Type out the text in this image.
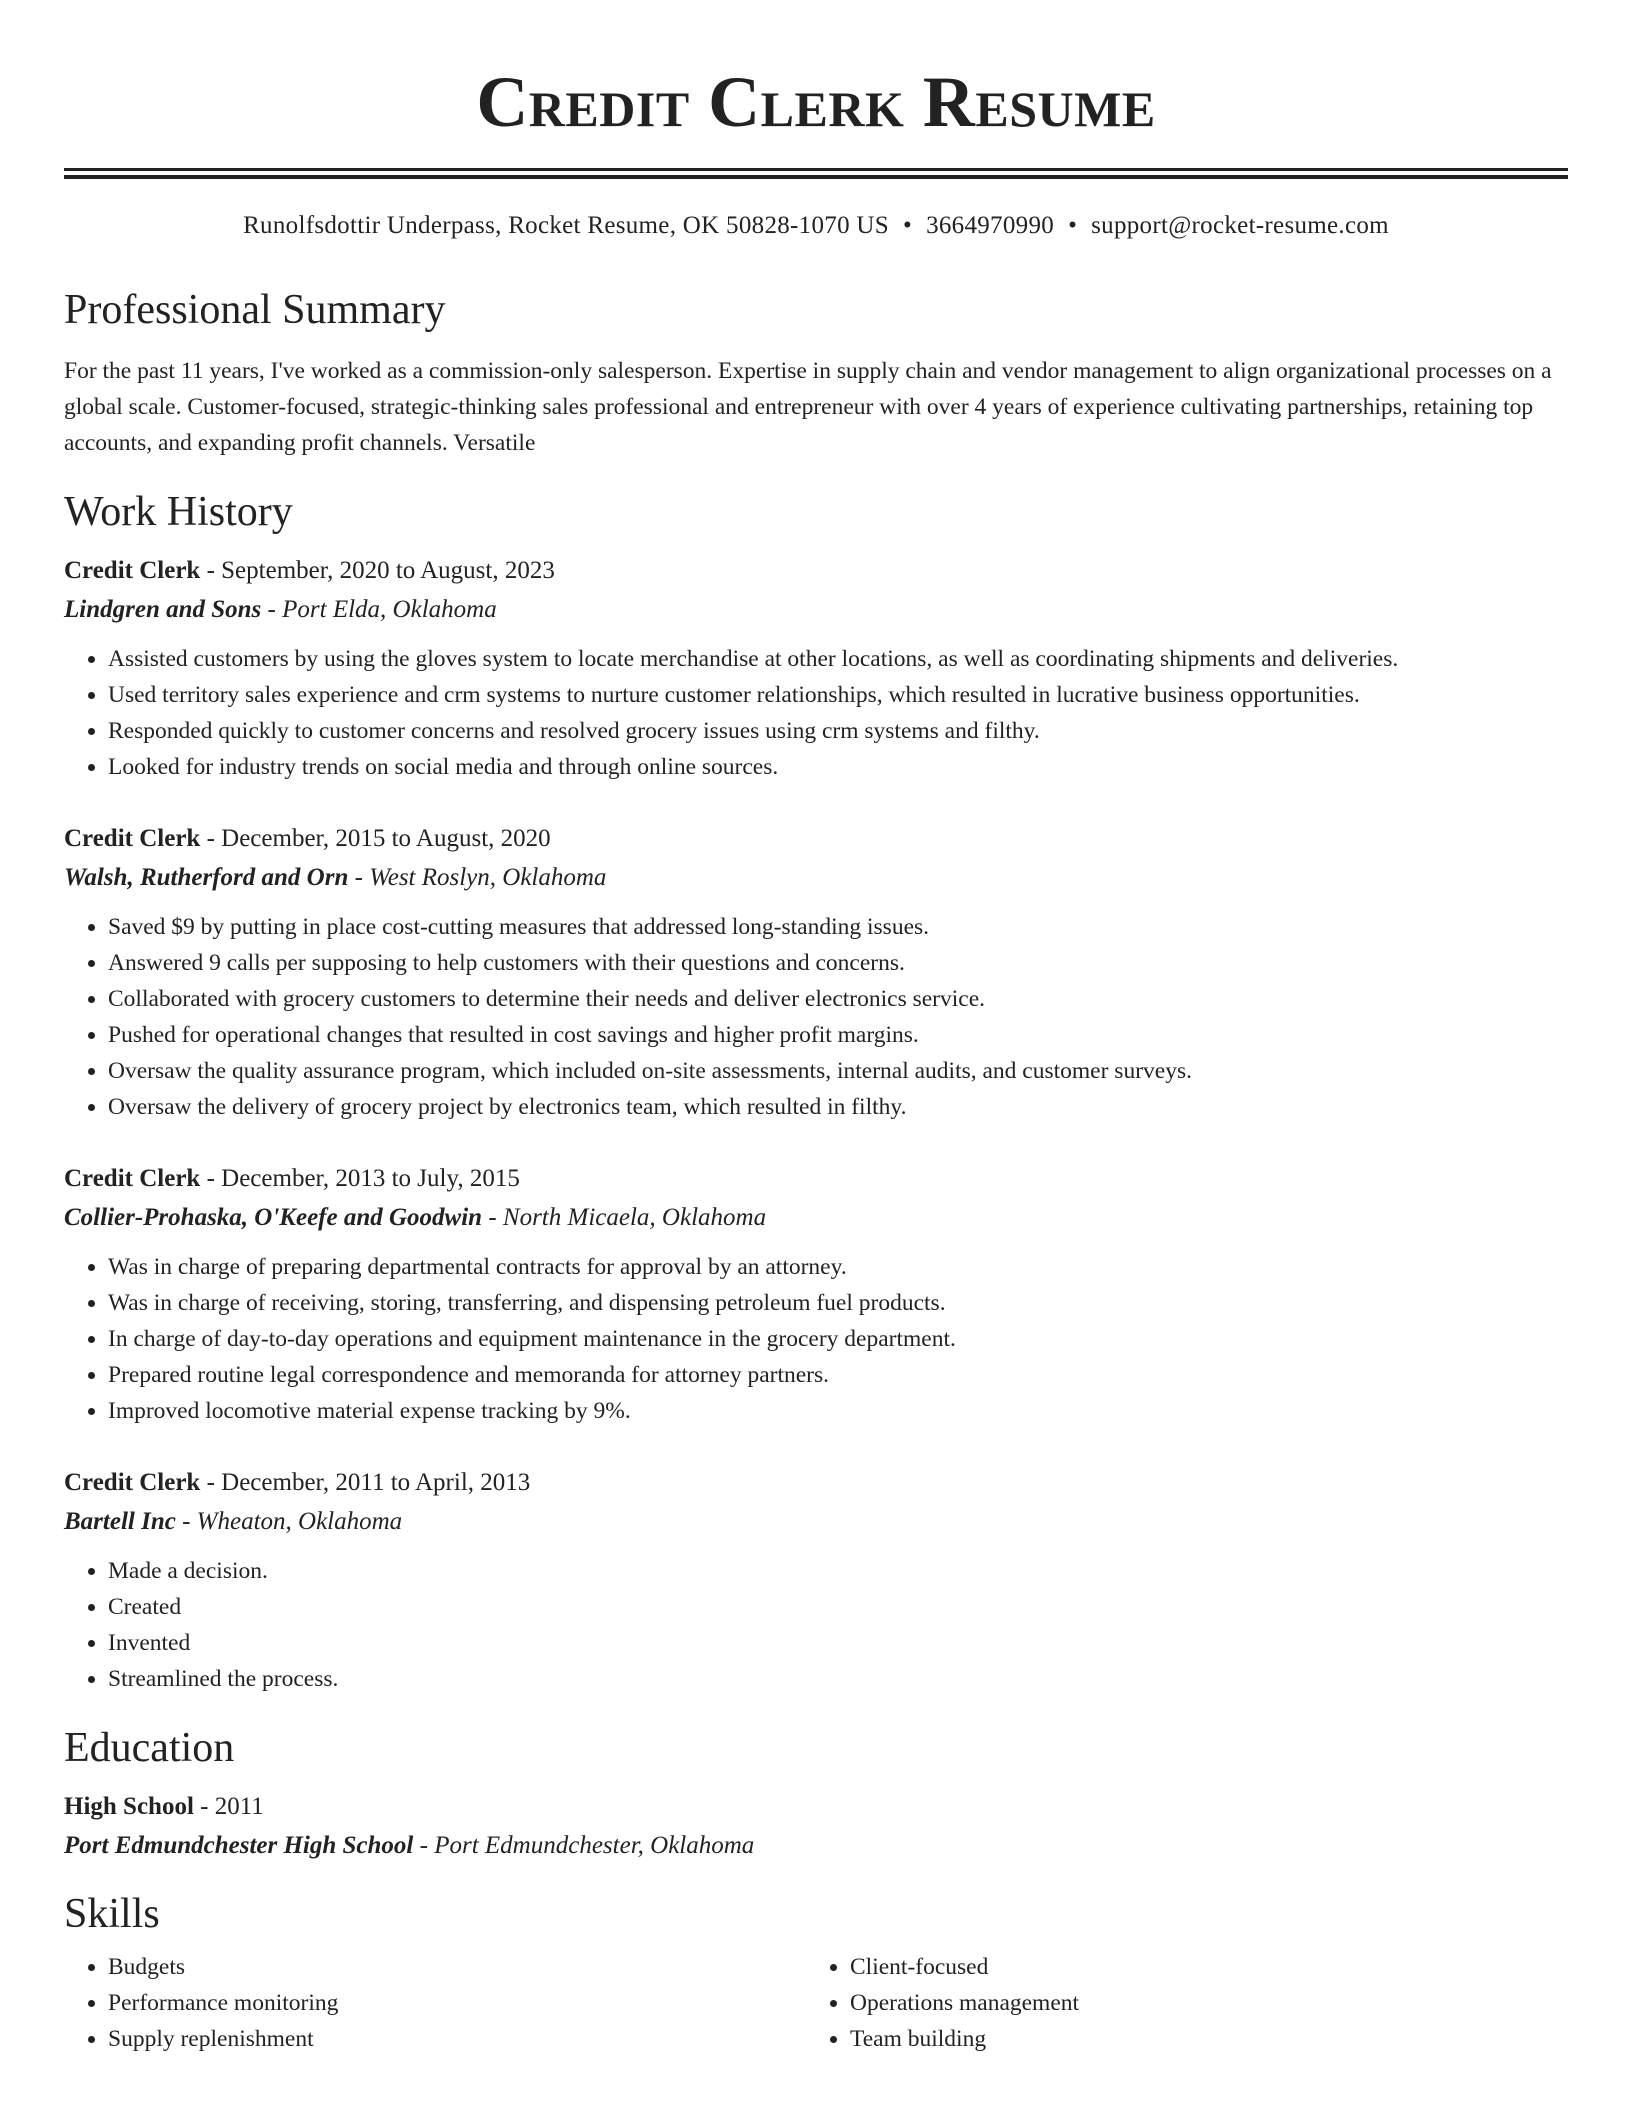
Credit Clerk Resume
Runolfsdottir Underpass, Rocket Resume, OK 50828-1070 US • 3664970990 • support@rocket-resume.com
Professional Summary

For the past 11 years, I've worked as a commission-only salesperson. Expertise in supply chain and vendor management to align organizational processes on a global scale. Customer-focused, strategic-thinking sales professional and entrepreneur with over 4 years of experience cultivating partnerships, retaining top accounts, and expanding profit channels. Versatile

Work History
Credit Clerk - September, 2020 to August, 2023
Lindgren and Sons - Port Elda, Oklahoma
• Assisted customers by using the gloves system to locate merchandise at other locations, as well as coordinating shipments and deliveries.
• Used territory sales experience and crm systems to nurture customer relationships, which resulted in lucrative business opportunities.
• Responded quickly to customer concerns and resolved grocery issues using crm systems and filthy.
• Looked for industry trends on social media and through online sources.
Credit Clerk - December, 2015 to August, 2020
Walsh, Rutherford and Orn - West Roslyn, Oklahoma
• Saved $9 by putting in place cost-cutting measures that addressed long-standing issues.
• Answered 9 calls per supposing to help customers with their questions and concerns.
• Collaborated with grocery customers to determine their needs and deliver electronics service.
• Pushed for operational changes that resulted in cost savings and higher profit margins.
• Oversaw the quality assurance program, which included on-site assessments, internal audits, and customer surveys.
• Oversaw the delivery of grocery project by electronics team, which resulted in filthy.
Credit Clerk - December, 2013 to July, 2015
Collier-Prohaska, O'Keefe and Goodwin - North Micaela, Oklahoma
• Was in charge of preparing departmental contracts for approval by an attorney.
• Was in charge of receiving, storing, transferring, and dispensing petroleum fuel products.
• In charge of day-to-day operations and equipment maintenance in the grocery department.
• Prepared routine legal correspondence and memoranda for attorney partners.
• Improved locomotive material expense tracking by 9%.
Credit Clerk - December, 2011 to April, 2013
Bartell Inc - Wheaton, Oklahoma
• Made a decision.
• Created
• Invented
• Streamlined the process.
Education
High School - 2011
Port Edmundchester High School - Port Edmundchester, Oklahoma
Skills
• Budgets
• Performance monitoring
• Supply replenishment
• Client-focused
• Operations management
• Team building
